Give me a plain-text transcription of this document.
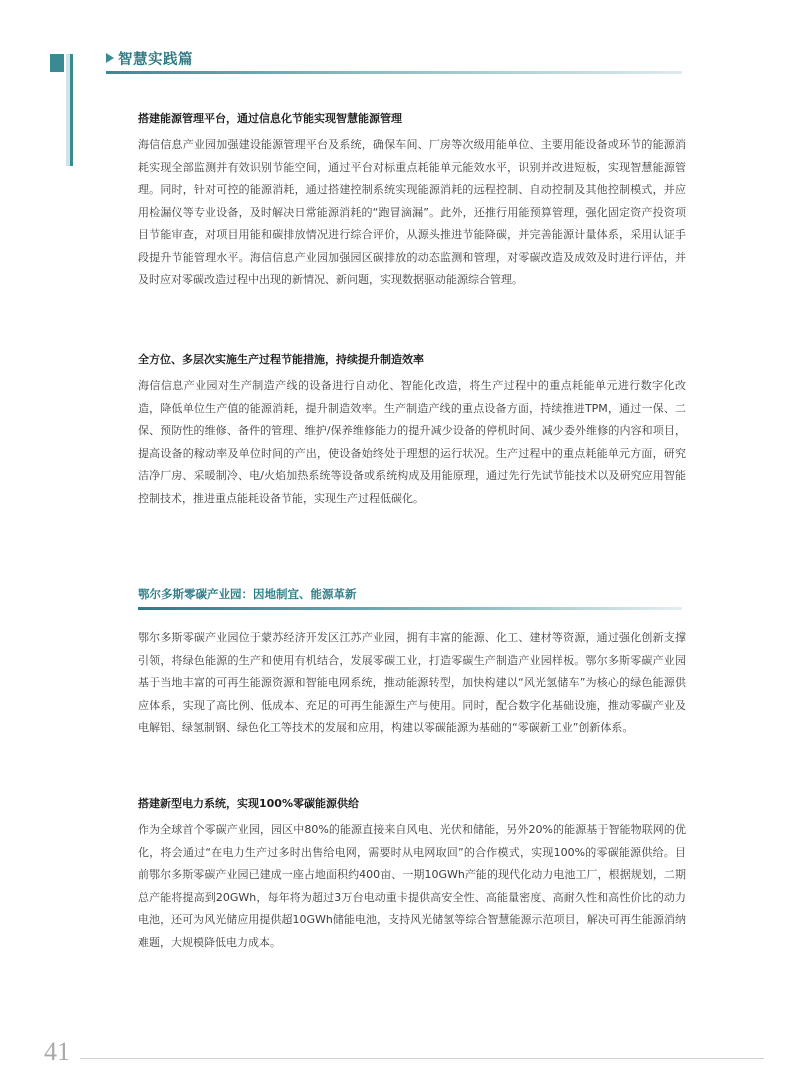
智慧实践篇
搭建能源管理平台，通过信息化节能实现智慧能源管理

海信信息产业园加强建设能源管理平台及系统，确保车间、厂房等次级用能单位、主要用能设备或环节的能源消耗实现全部监测并有效识别节能空间，通过平台对标重点耗能单元能效水平，识别并改进短板，实现智慧能源管理。同时，针对可控的能源消耗，通过搭建控制系统实现能源消耗的远程控制、自动控制及其他控制模式，并应用检漏仪等专业设备，及时解决日常能源消耗的“跑冒滴漏”。此外，还推行用能预算管理，强化固定资产投资项目节能审查，对项目用能和碳排放情况进行综合评价，从源头推进节能降碳，并完善能源计量体系，采用认证手段提升节能管理水平。海信信息产业园加强园区碳排放的动态监测和管理，对零碳改造及成效及时进行评估，并及时应对零碳改造过程中出现的新情况、新问题，实现数据驱动能源综合管理。

全方位、多层次实施生产过程节能措施，持续提升制造效率

海信信息产业园对生产制造产线的设备进行自动化、智能化改造，将生产过程中的重点耗能单元进行数字化改造，降低单位生产值的能源消耗，提升制造效率。生产制造产线的重点设备方面，持续推进TPM，通过一保、二保、预防性的维修、备件的管理、维护/保养维修能力的提升减少设备的停机时间、减少委外维修的内容和项目，提高设备的稼动率及单位时间的产出，使设备始终处于理想的运行状况。生产过程中的重点耗能单元方面，研究洁净厂房、采暖制冷、电/火焰加热系统等设备或系统构成及用能原理，通过先行先试节能技术以及研究应用智能控制技术，推进重点能耗设备节能，实现生产过程低碳化。

鄂尔多斯零碳产业园：因地制宜、能源革新

鄂尔多斯零碳产业园位于蒙苏经济开发区江苏产业园，拥有丰富的能源、化工、建材等资源，通过强化创新支撑引领，将绿色能源的生产和使用有机结合，发展零碳工业，打造零碳生产制造产业园样板。鄂尔多斯零碳产业园基于当地丰富的可再生能源资源和智能电网系统，推动能源转型，加快构建以“风光氢储车”为核心的绿色能源供应体系，实现了高比例、低成本、充足的可再生能源生产与使用。同时，配合数字化基础设施，推动零碳产业及电解铝、绿氢制钢、绿色化工等技术的发展和应用，构建以零碳能源为基础的“零碳新工业”创新体系。

搭建新型电力系统，实现100%零碳能源供给

作为全球首个零碳产业园，园区中80%的能源直接来自风电、光伏和储能，另外20%的能源基于智能物联网的优化，将会通过“在电力生产过多时出售给电网，需要时从电网取回”的合作模式，实现100%的零碳能源供给。目前鄂尔多斯零碳产业园已建成一座占地面积约400亩、一期10GWh产能的现代化动力电池工厂，根据规划，二期总产能将提高到20GWh，每年将为超过3万台电动重卡提供高安全性、高能量密度、高耐久性和高性价比的动力电池，还可为风光储应用提供超10GWh储能电池，支持风光储氢等综合智慧能源示范项目，解决可再生能源消纳难题，大规模降低电力成本。

41
